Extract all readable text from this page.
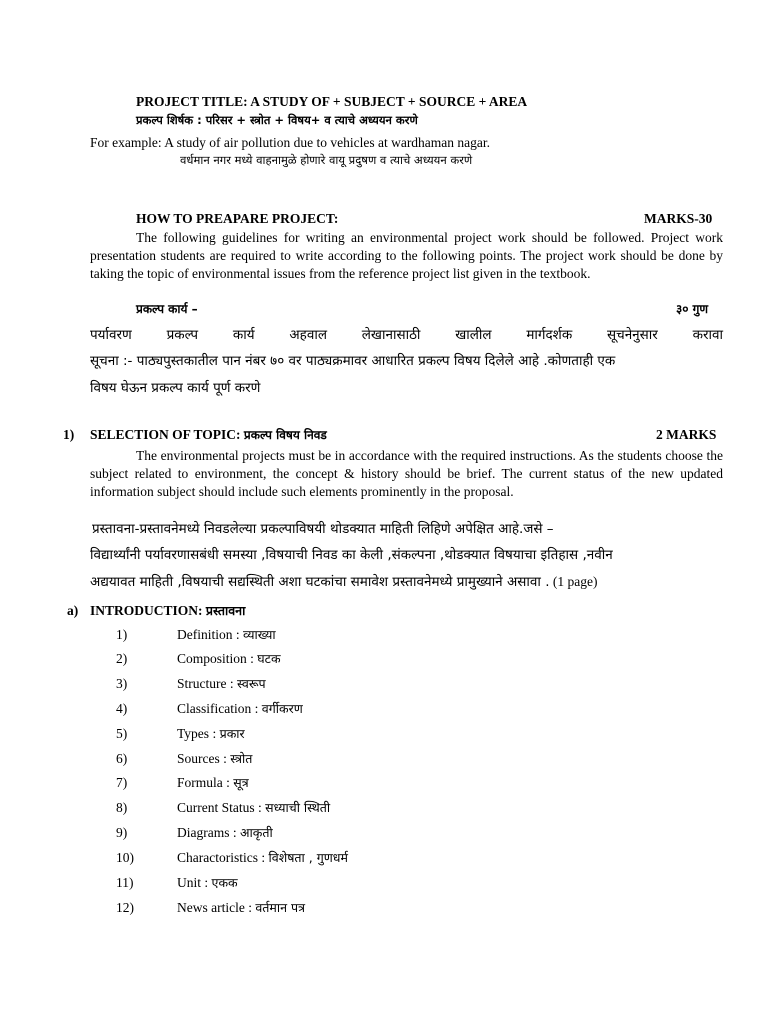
PROJECT TITLE: A STUDY OF + SUBJECT + SOURCE + AREA
प्रकल्प शिर्षक : परिसर + स्त्रोत + विषय+ व त्याचे अध्ययन करणे
For example: A study of air pollution due to vehicles at wardhaman nagar.
वर्धमान नगर मध्ये वाहनामुळे होणारे वायू प्रदुषण व त्याचे अध्ययन करणे
HOW TO PREAPARE PROJECT:	MARKS-30
The following guidelines for writing an environmental project work should be followed. Project work presentation students are required to write according to the following points. The project work should be done by taking the topic of environmental issues from the reference project list given in the textbook.
प्रकल्प कार्य –	३० गुण
पर्यावरण प्रकल्प कार्य अहवाल लेखानासाठी खालील मार्गदर्शक सूचनेनुसार करावा
सूचना :- पाठ्यपुस्तकातील पान नंबर ७० वर पाठ्यक्रमावर आधारित प्रकल्प विषय दिलेले आहे .कोणताही एक
विषय घेऊन प्रकल्प कार्य पूर्ण करणे
1) SELECTION OF TOPIC: प्रकल्प विषय निवड	2 MARKS
The environmental projects must be in accordance with the required instructions. As the students choose the subject related to environment, the concept & history should be brief. The current status of the new updated information subject should include such elements prominently in the proposal.
प्रस्तावना-प्रस्तावनेमध्ये निवडलेल्या प्रकल्पाविषयी थोडक्यात माहिती लिहिणे अपेक्षित आहे.जसे –
विद्यार्थ्यांनी पर्यावरणासबंधी समस्या ,विषयाची निवड का केली ,संकल्पना ,थोडक्यात विषयाचा इतिहास ,नवीन
अद्ययावत माहिती ,विषयाची सद्यस्थिती अशा घटकांचा समावेश प्रस्तावनेमध्ये प्रामुख्याने असावा . (1 page)
a) INTRODUCTION: प्रस्तावना
1)	Definition : व्याख्या
2)	Composition : घटक
3)	Structure : स्वरूप
4)	Classification : वर्गीकरण
5)	Types : प्रकार
6)	Sources : स्त्रोत
7)	Formula : सूत्र
8)	Current Status : सध्याची स्थिती
9)	Diagrams : आकृती
10)	Charactoristics : विशेषता , गुणधर्म
11)	Unit : एकक
12)	News article : वर्तमान पत्र
